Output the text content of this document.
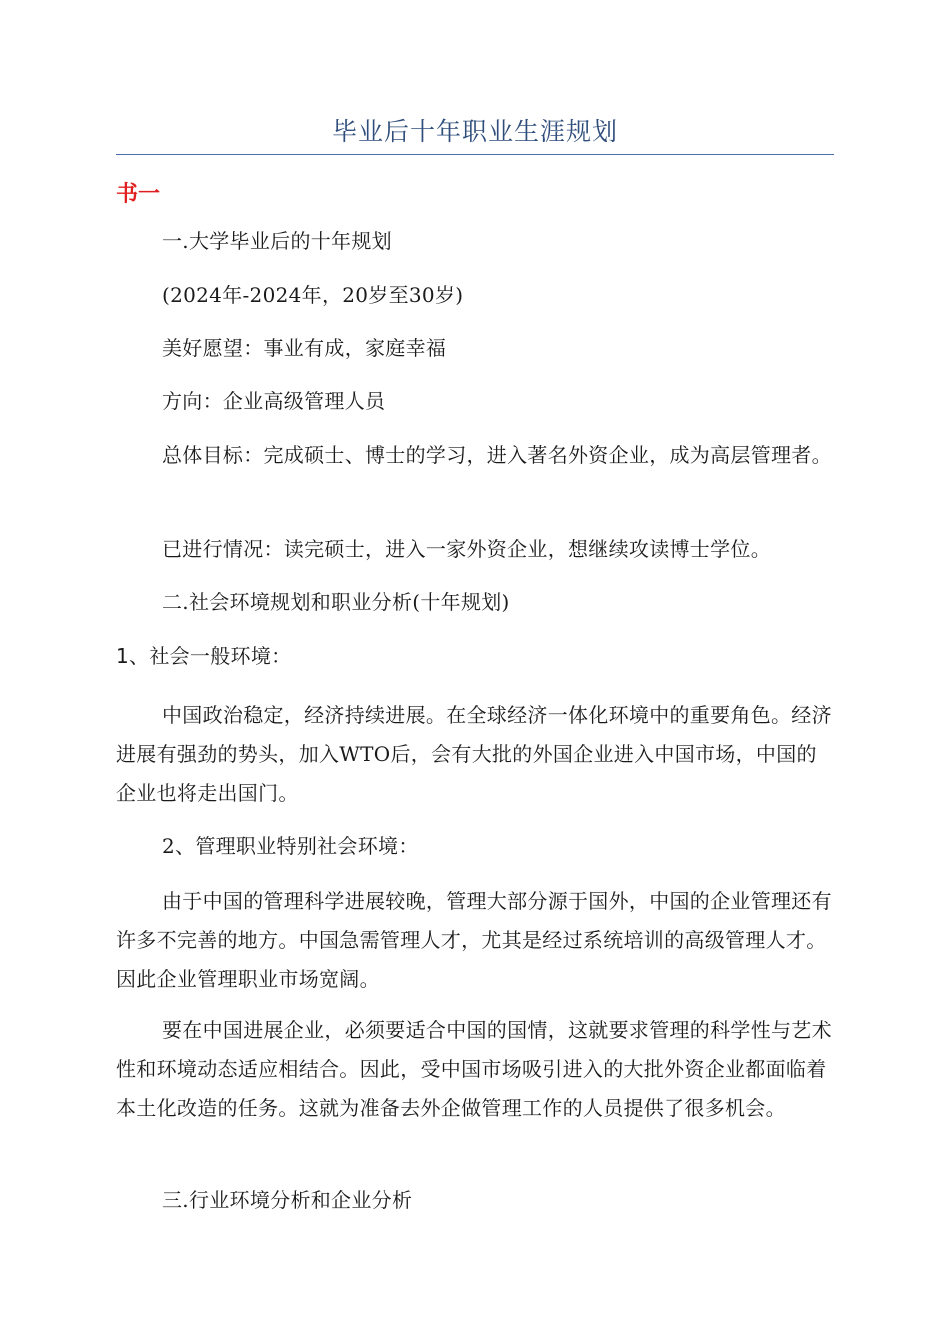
毕业后十年职业生涯规划
书一

一.大学毕业后的十年规划

(2024年-2024年，20岁至30岁)

美好愿望：事业有成，家庭幸福

方向：企业高级管理人员

总体目标：完成硕士、博士的学习，进入著名外资企业，成为高层管理者。

已进行情况：读完硕士，进入一家外资企业，想继续攻读博士学位。

二.社会环境规划和职业分析(十年规划)

1、社会一般环境：

中国政治稳定，经济持续进展。在全球经济一体化环境中的重要角色。经济进展有强劲的势头，加入WTO后，会有大批的外国企业进入中国市场，中国的企业也将走出国门。

2、管理职业特别社会环境：

由于中国的管理科学进展较晚，管理大部分源于国外，中国的企业管理还有许多不完善的地方。中国急需管理人才，尤其是经过系统培训的高级管理人才。因此企业管理职业市场宽阔。

要在中国进展企业，必须要适合中国的国情，这就要求管理的科学性与艺术性和环境动态适应相结合。因此，受中国市场吸引进入的大批外资企业都面临着本土化改造的任务。这就为准备去外企做管理工作的人员提供了很多机会。

三.行业环境分析和企业分析
